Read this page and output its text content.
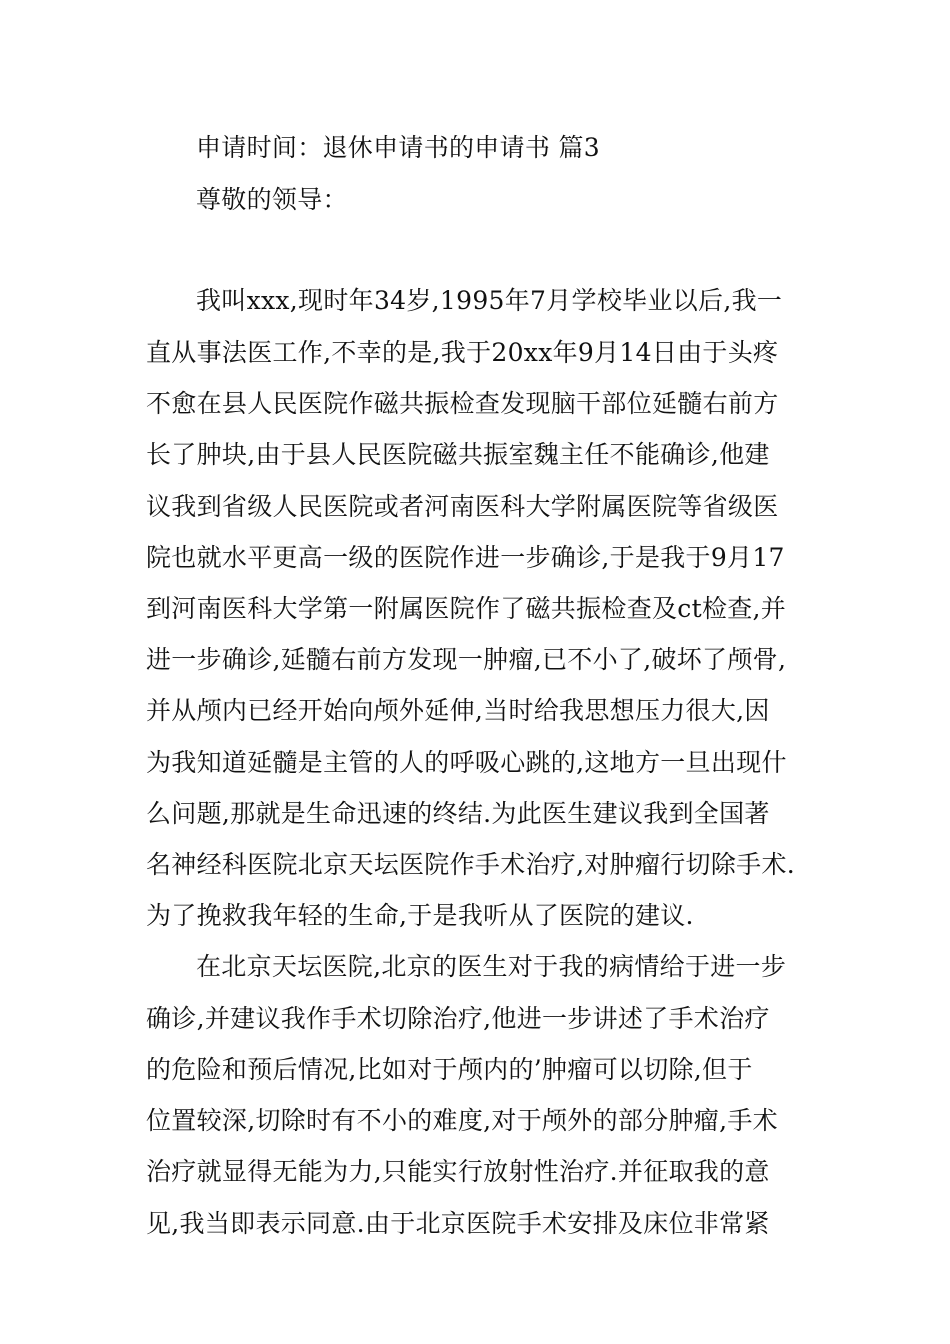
申请时间：退休申请书的申请书 篇3
尊敬的领导：
我叫xxx,现时年34岁,1995年7月学校毕业以后,我一
直从事法医工作,不幸的是,我于20xx年9月14日由于头疼
不愈在县人民医院作磁共振检查发现脑干部位延髓右前方
长了肿块,由于县人民医院磁共振室魏主任不能确诊,他建
议我到省级人民医院或者河南医科大学附属医院等省级医
院也就水平更高一级的医院作进一步确诊,于是我于9月17
到河南医科大学第一附属医院作了磁共振检查及ct检查,并
进一步确诊,延髓右前方发现一肿瘤,已不小了,破坏了颅骨,
并从颅内已经开始向颅外延伸,当时给我思想压力很大,因
为我知道延髓是主管的人的呼吸心跳的,这地方一旦出现什
么问题,那就是生命迅速的终结.为此医生建议我到全国著
名神经科医院北京天坛医院作手术治疗,对肿瘤行切除手术.
为了挽救我年轻的生命,于是我听从了医院的建议.
在北京天坛医院,北京的医生对于我的病情给于进一步
确诊,并建议我作手术切除治疗,他进一步讲述了手术治疗
的危险和预后情况,比如对于颅内的’肿瘤可以切除,但于
位置较深,切除时有不小的难度,对于颅外的部分肿瘤,手术
治疗就显得无能为力,只能实行放射性治疗.并征取我的意
见,我当即表示同意.由于北京医院手术安排及床位非常紧
